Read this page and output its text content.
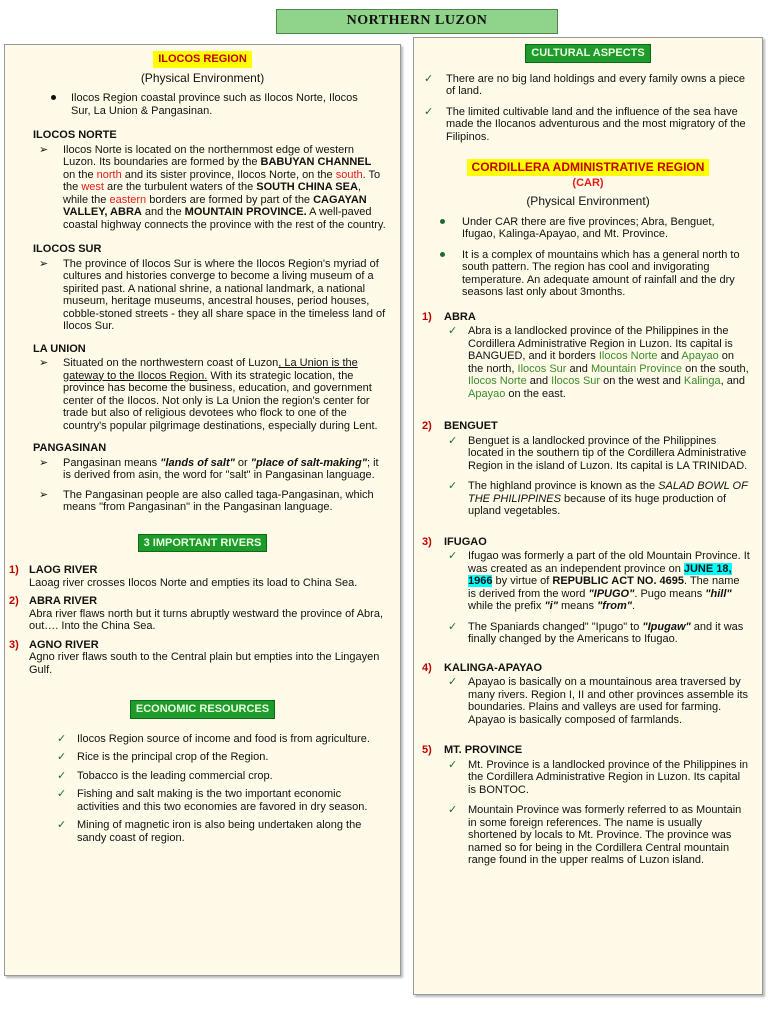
NORTHERN LUZON
ILOCOS REGION
(Physical Environment)
Ilocos Region coastal province such as Ilocos Norte, Ilocos Sur, La Union & Pangasinan.
ILOCOS NORTE
➢ Ilocos Norte is located on the northernmost edge of western Luzon. Its boundaries are formed by the BABUYAN CHANNEL on the north and its sister province, Ilocos Norte, on the south. To the west are the turbulent waters of the SOUTH CHINA SEA, while the eastern borders are formed by part of the CAGAYAN VALLEY, ABRA and the MOUNTAIN PROVINCE. A well-paved coastal highway connects the province with the rest of the country.
ILOCOS SUR
➢ The province of Ilocos Sur is where the Ilocos Region's myriad of cultures and histories converge to become a living museum of a spirited past. A national shrine, a national landmark, a national museum, heritage museums, ancestral houses, period houses, cobble-stoned streets - they all share space in the timeless land of Ilocos Sur.
LA UNION
➢ Situated on the northwestern coast of Luzon, La Union is the gateway to the Ilocos Region. With its strategic location, the province has become the business, education, and government center of the Ilocos. Not only is La Union the region's center for trade but also of religious devotees who flock to one of the country's popular pilgrimage destinations, especially during Lent.
PANGASINAN
➢ Pangasinan means "lands of salt" or "place of salt-making"; it is derived from asin, the word for "salt" in Pangasinan language.
➢ The Pangasinan people are also called taga-Pangasinan, which means "from Pangasinan" in the Pangasinan language.
3 IMPORTANT RIVERS
1) LAOG RIVER
Laoag river crosses Ilocos Norte and empties its load to China Sea.
2) ABRA RIVER
Abra river flaws north but it turns abruptly westward the province of Abra, out…. Into the China Sea.
3) AGNO RIVER
Agno river flaws south to the Central plain but empties into the Lingayen Gulf.
ECONOMIC RESOURCES
✓ Ilocos Region source of income and food is from agriculture.
✓ Rice is the principal crop of the Region.
✓ Tobacco is the leading commercial crop.
✓ Fishing and salt making is the two important economic activities and this two economies are favored in dry season.
✓ Mining of magnetic iron is also being undertaken along the sandy coast of region.
CULTURAL ASPECTS
✓ There are no big land holdings and every family owns a piece of land.
✓ The limited cultivable land and the influence of the sea have made the Ilocanos adventurous and the most migratory of the Filipinos.
CORDILLERA ADMINISTRATIVE REGION
(CAR)
(Physical Environment)
Under CAR there are five provinces; Abra, Benguet, Ifugao, Kalinga-Apayao, and Mt. Province.
It is a complex of mountains which has a general north to south pattern. The region has cool and invigorating temperature. An adequate amount of rainfall and the dry seasons last only about 3months.
1) ABRA
✓ Abra is a landlocked province of the Philippines in the Cordillera Administrative Region in Luzon. Its capital is BANGUED, and it borders Ilocos Norte and Apayao on the north, Ilocos Sur and Mountain Province on the south, Ilocos Norte and Ilocos Sur on the west and Kalinga, and Apayao on the east.
2) BENGUET
✓ Benguet is a landlocked province of the Philippines located in the southern tip of the Cordillera Administrative Region in the island of Luzon. Its capital is LA TRINIDAD.
✓ The highland province is known as the SALAD BOWL OF THE PHILIPPINES because of its huge production of upland vegetables.
3) IFUGAO
✓ Ifugao was formerly a part of the old Mountain Province. It was created as an independent province on JUNE 18, 1966 by virtue of REPUBLIC ACT NO. 4695. The name is derived from the word "IPUGO". Pugo means "hill" while the prefix "i" means "from".
✓ The Spaniards changed" "Ipugo" to "Ipugaw" and it was finally changed by the Americans to Ifugao.
4) KALINGA-APAYAO
✓ Apayao is basically on a mountainous area traversed by many rivers. Region I, II and other provinces assemble its boundaries. Plains and valleys are used for farming. Apayao is basically composed of farmlands.
5) MT. PROVINCE
✓ Mt. Province is a landlocked province of the Philippines in the Cordillera Administrative Region in Luzon. Its capital is BONTOC.
✓ Mountain Province was formerly referred to as Mountain in some foreign references. The name is usually shortened by locals to Mt. Province. The province was named so for being in the Cordillera Central mountain range found in the upper realms of Luzon island.
